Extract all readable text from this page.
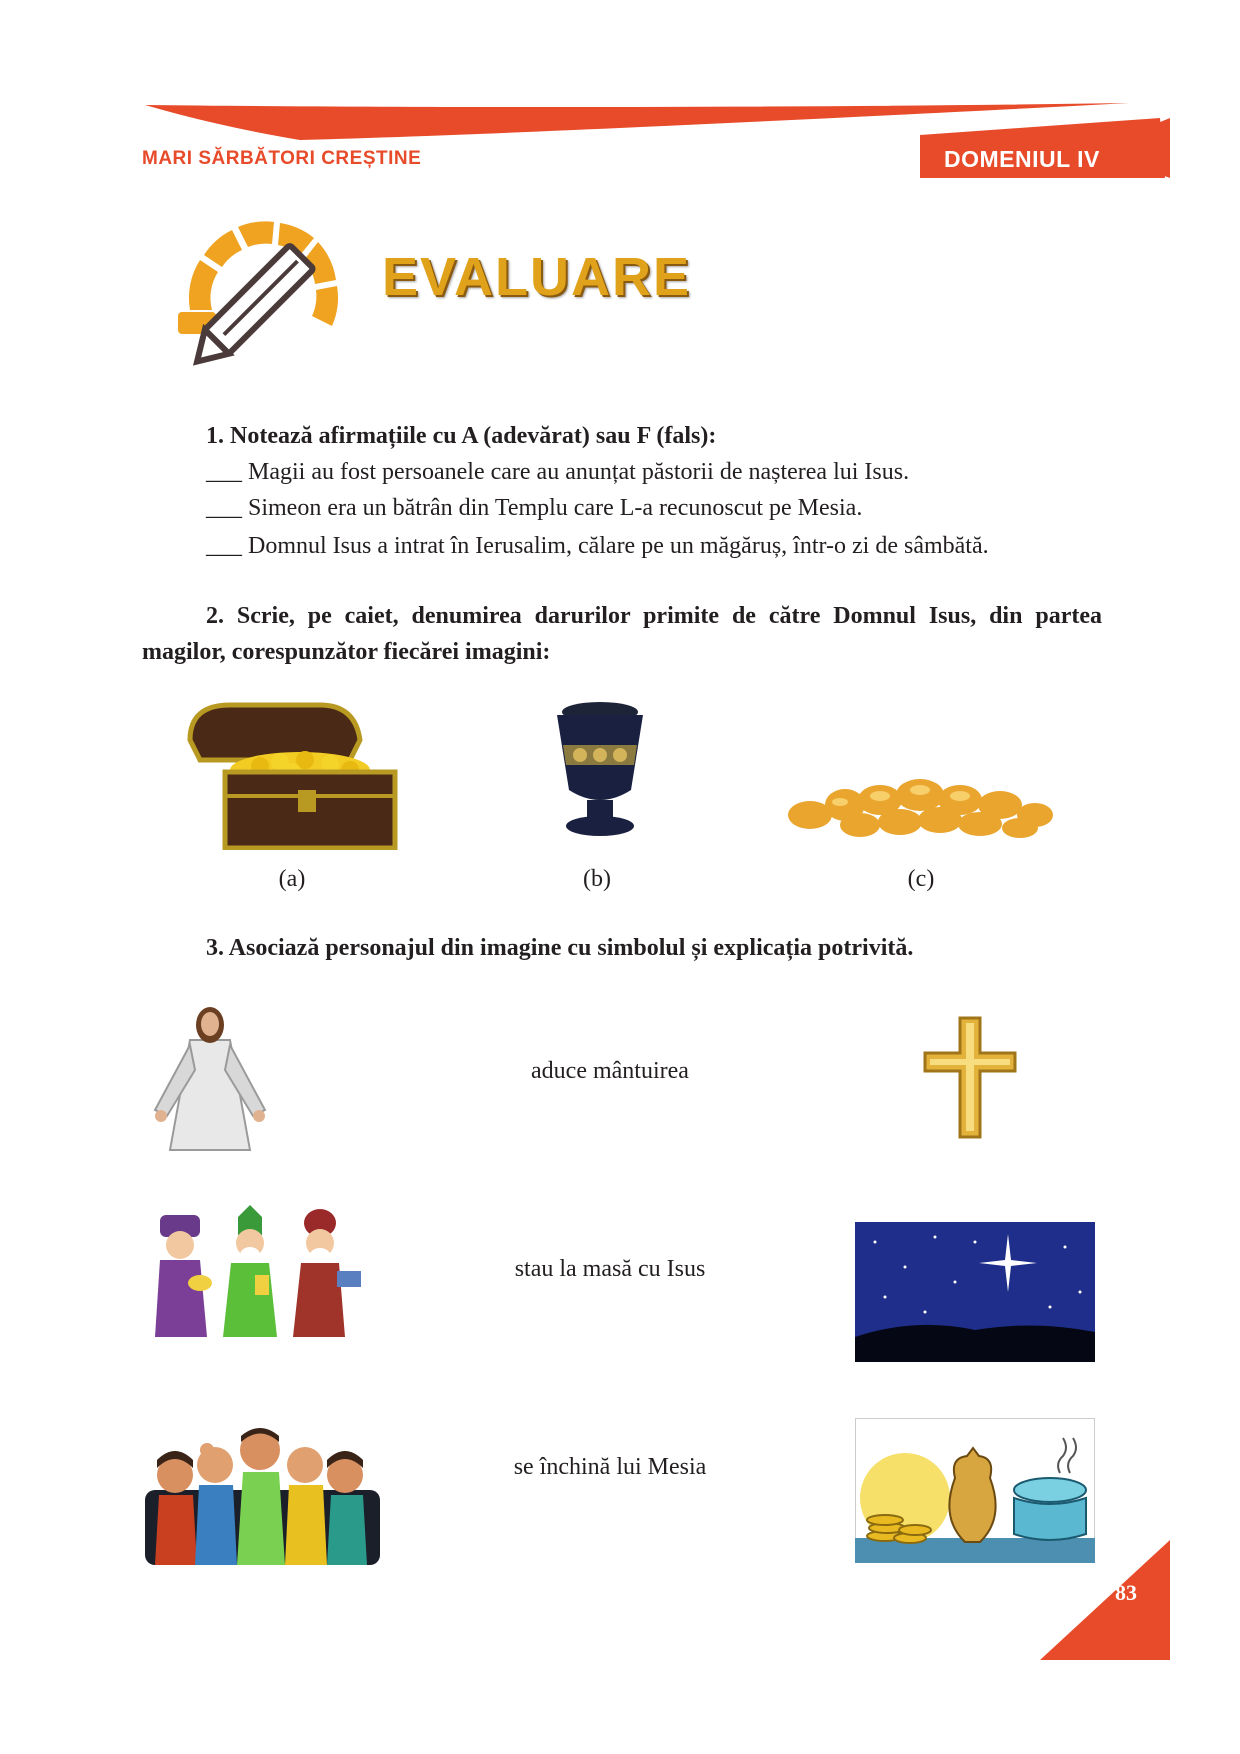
MARI SĂRBĂTORI CREȘTINE	DOMENIUL IV
EVALUARE
1. Notează afirmațiile cu A (adevărat) sau F (fals):
___ Magii au fost persoanele care au anunțat păstorii de nașterea lui Isus.
___ Simeon era un bătrân din Templu care L-a recunoscut pe Mesia.
___ Domnul Isus a intrat în Ierusalim, călare pe un măgăruș, într-o zi de sâmbătă.
2. Scrie, pe caiet, denumirea darurilor primite de către Domnul Isus, din partea magilor, corespunzător fiecărei imagini:
(a)	(b)	(c)
3. Asociază personajul din imagine cu simbolul și explicația potrivită.
aduce mântuirea
stau la masă cu Isus
se închină lui Mesia
83
